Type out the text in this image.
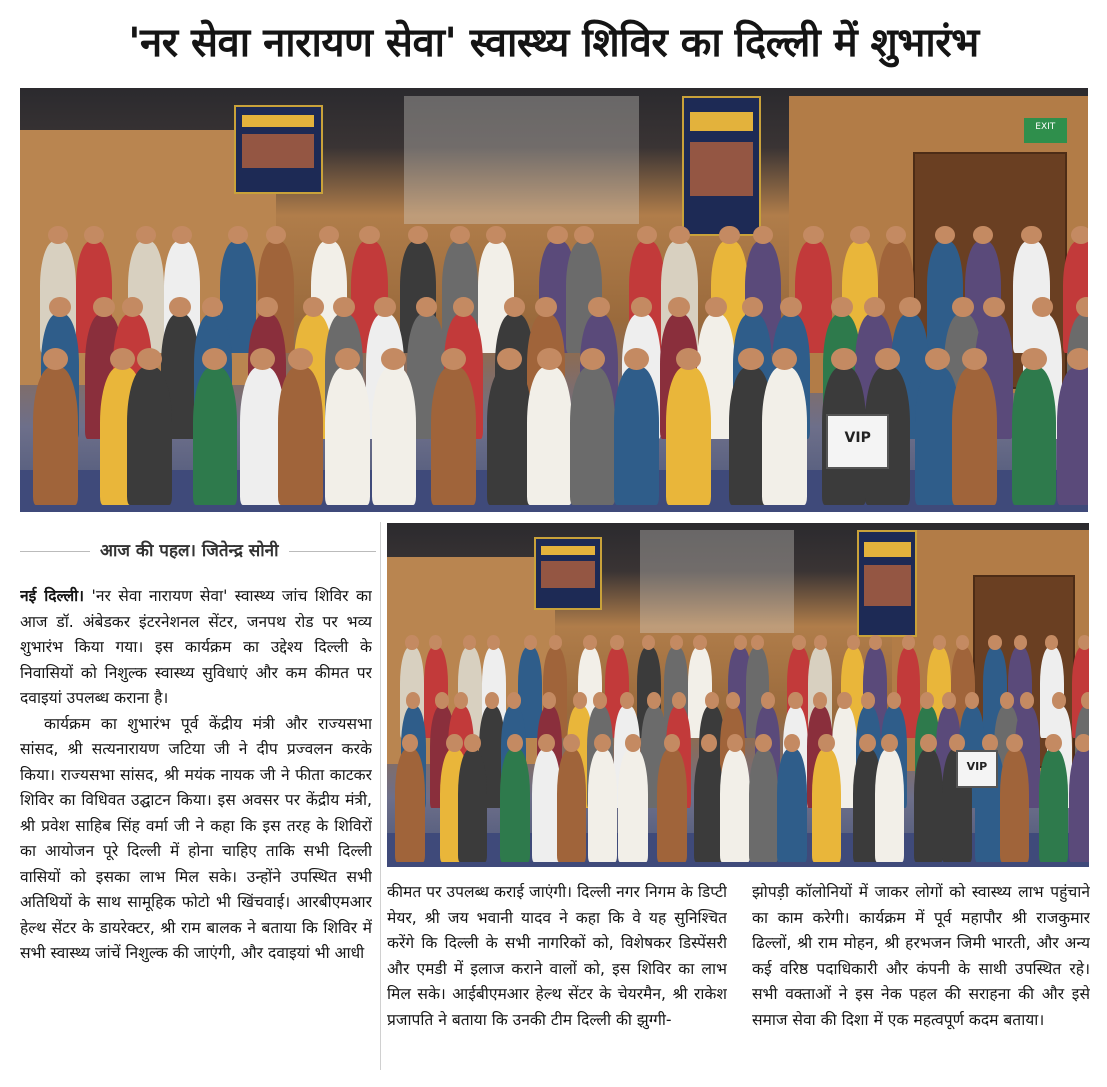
'नर सेवा नारायण सेवा' स्वास्थ्य शिविर का दिल्ली में शुभारंभ
EXIT
VIP
आज की पहल। जितेन्द्र सोनी
VIP

नई दिल्ली। 'नर सेवा नारायण सेवा' स्वास्थ्य जांच शिविर का आज डॉ. अंबेडकर इंटरनेशनल सेंटर, जनपथ रोड पर भव्य शुभारंभ किया गया। इस कार्यक्रम का उद्देश्य दिल्ली के निवासियों को निशुल्क स्वास्थ्य सुविधाएं और कम कीमत पर दवाइयां उपलब्ध कराना है।

कार्यक्रम का शुभारंभ पूर्व केंद्रीय मंत्री और राज्यसभा सांसद, श्री सत्यनारायण जटिया जी ने दीप प्रज्वलन करके किया। राज्यसभा सांसद, श्री मयंक नायक जी ने फीता काटकर शिविर का विधिवत उद्घाटन किया। इस अवसर पर केंद्रीय मंत्री, श्री प्रवेश साहिब सिंह वर्मा जी ने कहा कि इस तरह के शिविरों का आयोजन पूरे दिल्ली में होना चाहिए ताकि सभी दिल्ली वासियों को इसका लाभ मिल सके। उन्होंने उपस्थित सभी अतिथियों के साथ सामूहिक फोटो भी खिंचवाई। आरबीएमआर हेल्थ सेंटर के डायरेक्टर, श्री राम बालक ने बताया कि शिविर में सभी स्वास्थ्य जांचें निशुल्क की जाएंगी, और दवाइयां भी आधी

कीमत पर उपलब्ध कराई जाएंगी। दिल्ली नगर निगम के डिप्टी मेयर, श्री जय भवानी यादव ने कहा कि वे यह सुनिश्चित करेंगे कि दिल्ली के सभी नागरिकों को, विशेषकर डिस्पेंसरी और एमडी में इलाज कराने वालों को, इस शिविर का लाभ मिल सके। आईबीएमआर हेल्थ सेंटर के चेयरमैन, श्री राकेश प्रजापति ने बताया कि उनकी टीम दिल्ली की झुग्गी-

झोपड़ी कॉलोनियों में जाकर लोगों को स्वास्थ्य लाभ पहुंचाने का काम करेगी। कार्यक्रम में पूर्व महापौर श्री राजकुमार ढिल्लों, श्री राम मोहन, श्री हरभजन जिमी भारती, और अन्य कई वरिष्ठ पदाधिकारी और कंपनी के साथी उपस्थित रहे। सभी वक्ताओं ने इस नेक पहल की सराहना की और इसे समाज सेवा की दिशा में एक महत्वपूर्ण कदम बताया।
